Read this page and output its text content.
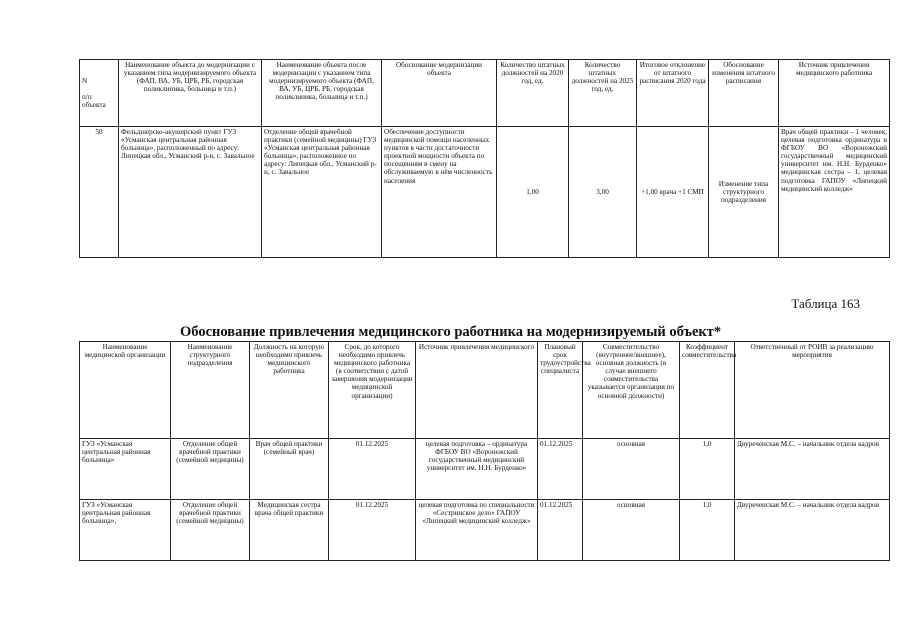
N

п/п объекта	Наименование объекта до модернизации с указанием типа модернизируемого объекта (ФАП, ВА, УБ, ЦРБ, РБ, городская поликлиника, больница и т.п.)	Наименование объекта после модернизации с указанием типа модернизируемого объекта (ФАП, ВА, УБ, ЦРБ, РБ, городская поликлиника, больница и т.п.)	Обоснование модернизации объекта	Количество штатных должностей на 2020 год, ед.	Количество штатных должностей на 2025 год, ед.	Итоговое отклонение от штатного расписания 2020 года	Обоснование изменения штатного расписания	Источник привлечения медицинского работника
50	Фельдшерско-акушерский пункт ГУЗ «Усманская центральная районная больница», расположенный по адресу: Липецкая обл., Усманский р-н, с. Завальное	Отделение общей врачебной практики (семейной медицины) ГУЗ «Усманская центральная районная больница», расположенное по адресу: Липецкая обл., Усманский р-н, с. Завальное	Обеспечение доступности медицинской помощи населенных пунктов в части достаточности проектной мощности объекта по посещениям в смену на обслуживаемую в нём численность населения	1,00	3,00	+1,00 врача +1 СМП	Изменение типа структурного подразделения	Врач общей практики – 1 человек, целевая подготовка ординатура в ФГБОУ ВО «Воронежский государственный медицинский университет им. Н.Н. Бурденко» медицинская сестра – 1, целевая подготовка ГАПОУ «Липецкий медицинский колледж»
Таблица 163
Обоснование привлечения медицинского работника на модернизируемый объект*
Наименование медицинской организации	Наименование структурного подразделения	Должность на которую необходимо привлечь медицинского работника	Срок, до которого необходимо привлечь медицинского работника (в соответствии с датой завершения модернизации медицинской организации)	Источник привлечения медицинского	Плановый срок трудоустройства специалиста	Совместительство (внутреннее/внешнее), основная должность (в случае внешнего совместительства указывается организация по основной должности)	Коэффициент совместительства	Ответственный от РОИВ за реализацию мероприятия
ГУЗ «Усманская центральная районная больница»	Отделение общей врачебной практики (семейной медицины)	Врач общей практики (семейный врач)	01.12.2025	целевая подготовка – ординатура ФГБОУ ВО «Воронежский государственный медицинский университет им. Н.Н. Бурденко»	01.12.2025	основная	1,0	Двуреченская М.С. – начальник отдела кадров
ГУЗ «Усманская центральная районная больница»,	Отделение общей врачебной практики (семейной медицины)	Медицинская сестра врача общей практики	01.12.2025	целевая подготовка по специальности «Сестринское дело» ГАПОУ «Липецкий медицинский колледж»	01.12.2025	основная	1,0	Двуреченская М.С. – начальник отдела кадров
